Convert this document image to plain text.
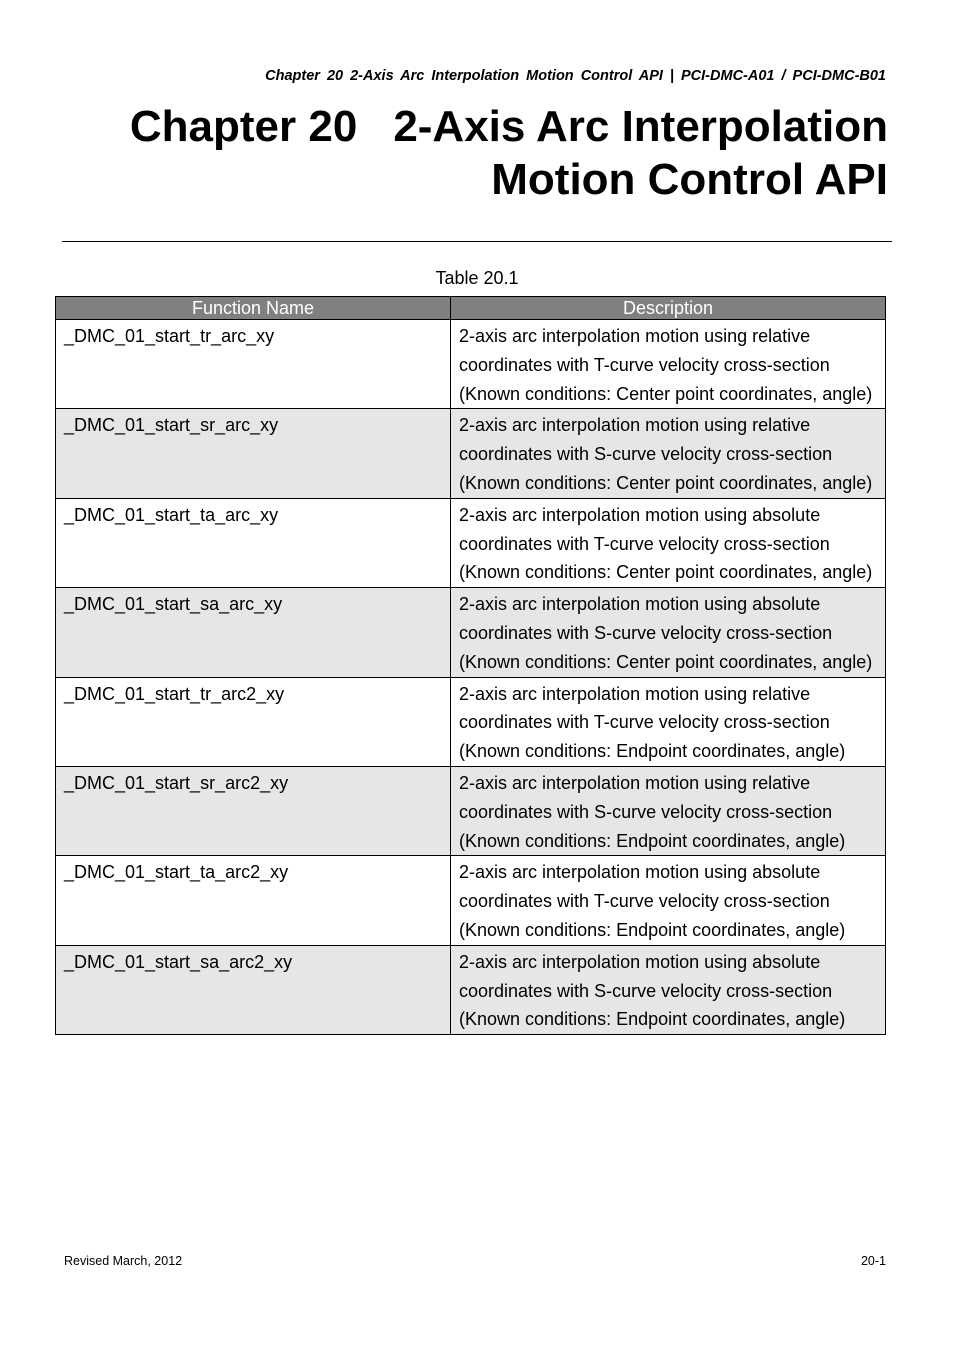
Chapter 20 2-Axis Arc Interpolation Motion Control API | PCI-DMC-A01 / PCI-DMC-B01
Chapter 20 2-Axis Arc Interpolation
Motion Control API
Table 20.1
Function Name	Description
_DMC_01_start_tr_arc_xy	2-axis arc interpolation motion using relative coordinates with T-curve velocity cross-section (Known conditions: Center point coordinates, angle)
_DMC_01_start_sr_arc_xy	2-axis arc interpolation motion using relative coordinates with S-curve velocity cross-section (Known conditions: Center point coordinates, angle)
_DMC_01_start_ta_arc_xy	2-axis arc interpolation motion using absolute coordinates with T-curve velocity cross-section (Known conditions: Center point coordinates, angle)
_DMC_01_start_sa_arc_xy	2-axis arc interpolation motion using absolute coordinates with S-curve velocity cross-section (Known conditions: Center point coordinates, angle)
_DMC_01_start_tr_arc2_xy	2-axis arc interpolation motion using relative coordinates with T-curve velocity cross-section (Known conditions: Endpoint coordinates, angle)
_DMC_01_start_sr_arc2_xy	2-axis arc interpolation motion using relative coordinates with S-curve velocity cross-section (Known conditions: Endpoint coordinates, angle)
_DMC_01_start_ta_arc2_xy	2-axis arc interpolation motion using absolute coordinates with T-curve velocity cross-section (Known conditions: Endpoint coordinates, angle)
_DMC_01_start_sa_arc2_xy	2-axis arc interpolation motion using absolute coordinates with S-curve velocity cross-section (Known conditions: Endpoint coordinates, angle)
Revised March, 2012	20-1
